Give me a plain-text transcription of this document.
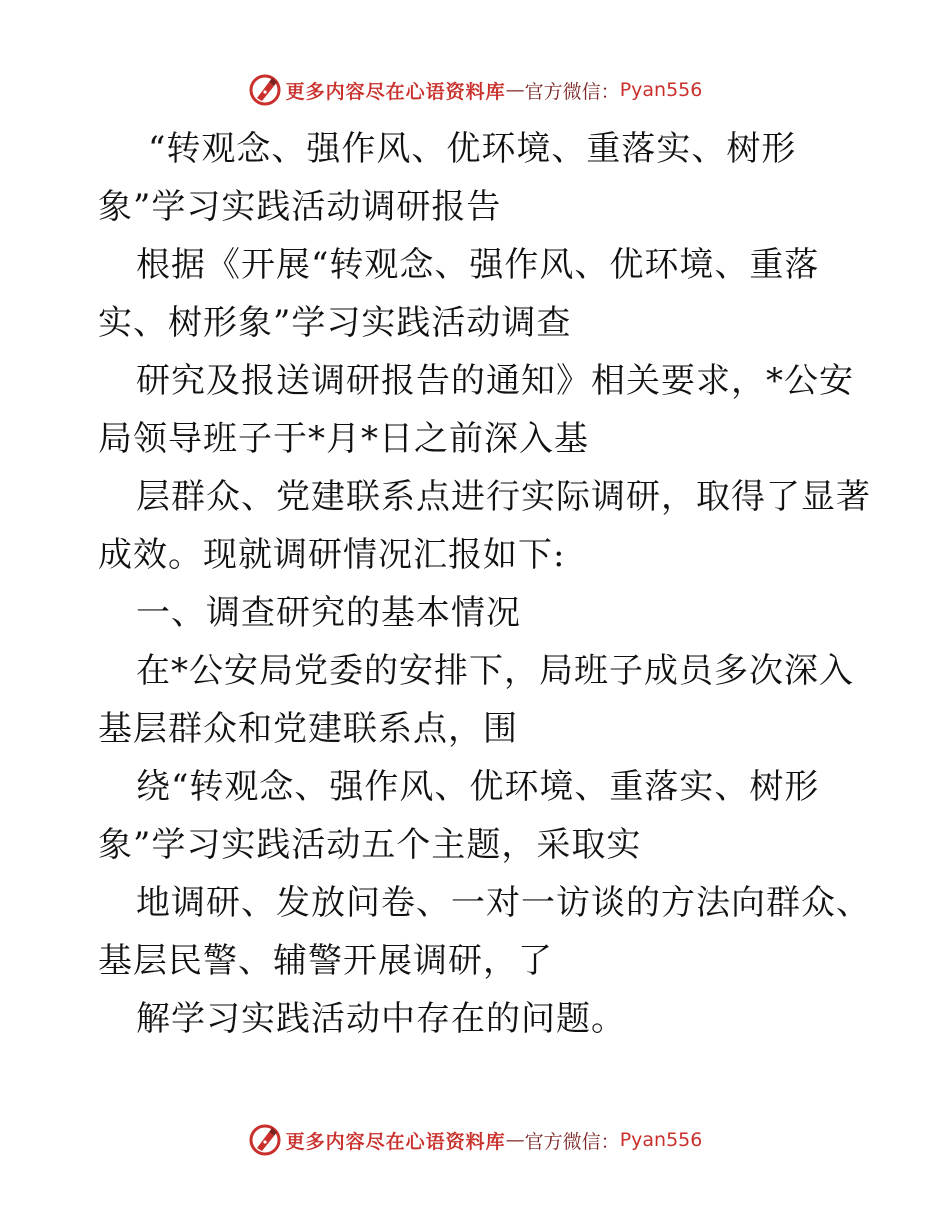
更多内容尽在心语资料库 — 官方微信： Pyan556
“转观念、强作风、优环境、重落实、树形
象”学习实践活动调研报告
根据《开展“转观念、强作风、优环境、重落
实、树形象”学习实践活动调查
研究及报送调研报告的通知》相关要求，*公安
局领导班子于*月*日之前深入基
层群众、党建联系点进行实际调研，取得了显著
成效。现就调研情况汇报如下:
一、调查研究的基本情况
在*公安局党委的安排下，局班子成员多次深入
基层群众和党建联系点，围
绕“转观念、强作风、优环境、重落实、树形
象”学习实践活动五个主题，采取实
地调研、发放问卷、一对一访谈的方法向群众、
基层民警、辅警开展调研，了
解学习实践活动中存在的问题。
更多内容尽在心语资料库 — 官方微信： Pyan556
